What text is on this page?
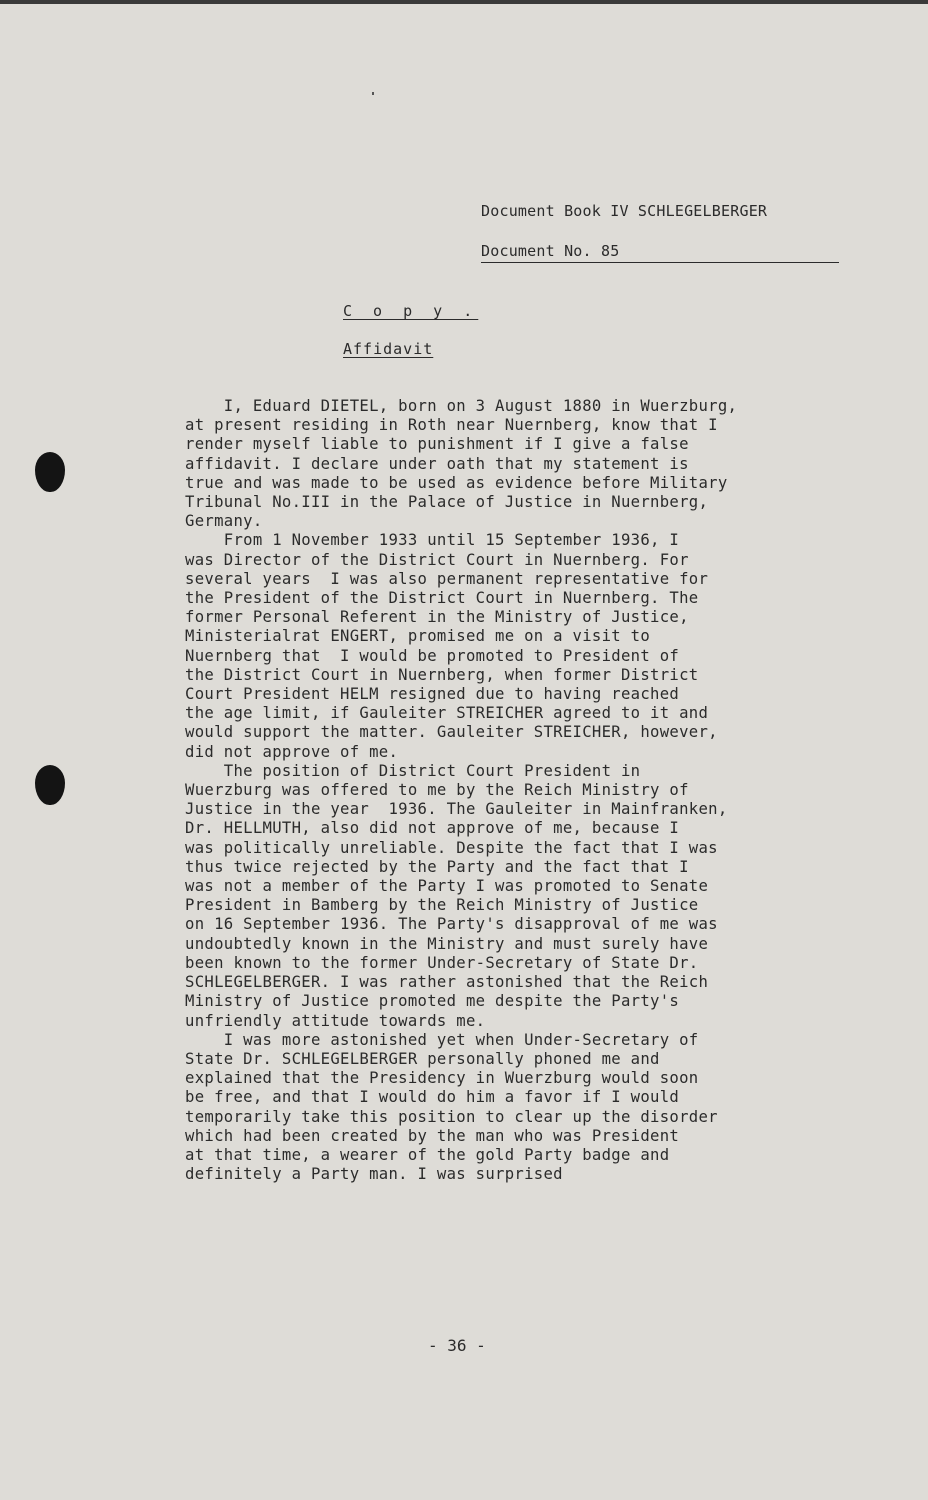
Document Book IV SCHLEGELBERGER
Document No. 85
C o p y .
Affidavit
I, Eduard DIETEL, born on 3 August 1880 in Wuerzburg,
at present residing in Roth near Nuernberg, know that I
render myself liable to punishment if I give a false
affidavit. I declare under oath that my statement is
true and was made to be used as evidence before Military
Tribunal No.III in the Palace of Justice in Nuernberg,
Germany.
From 1 November 1933 until 15 September 1936, I
was Director of the District Court in Nuernberg. For
several years  I was also permanent representative for
the President of the District Court in Nuernberg. The
former Personal Referent in the Ministry of Justice,
Ministerialrat ENGERT, promised me on a visit to
Nuernberg that  I would be promoted to President of
the District Court in Nuernberg, when former District
Court President HELM resigned due to having reached
the age limit, if Gauleiter STREICHER agreed to it and
would support the matter. Gauleiter STREICHER, however,
did not approve of me.
The position of District Court President in
Wuerzburg was offered to me by the Reich Ministry of
Justice in the year  1936. The Gauleiter in Mainfranken,
Dr. HELLMUTH, also did not approve of me, because I
was politically unreliable. Despite the fact that I was
thus twice rejected by the Party and the fact that I
was not a member of the Party I was promoted to Senate
President in Bamberg by the Reich Ministry of Justice
on 16 September 1936. The Party's disapproval of me was
undoubtedly known in the Ministry and must surely have
been known to the former Under-Secretary of State Dr.
SCHLEGELBERGER. I was rather astonished that the Reich
Ministry of Justice promoted me despite the Party's
unfriendly attitude towards me.
I was more astonished yet when Under-Secretary of
State Dr. SCHLEGELBERGER personally phoned me and
explained that the Presidency in Wuerzburg would soon
be free, and that I would do him a favor if I would
temporarily take this position to clear up the disorder
which had been created by the man who was President
at that time, a wearer of the gold Party badge and
definitely a Party man. I was surprised
- 36 -
